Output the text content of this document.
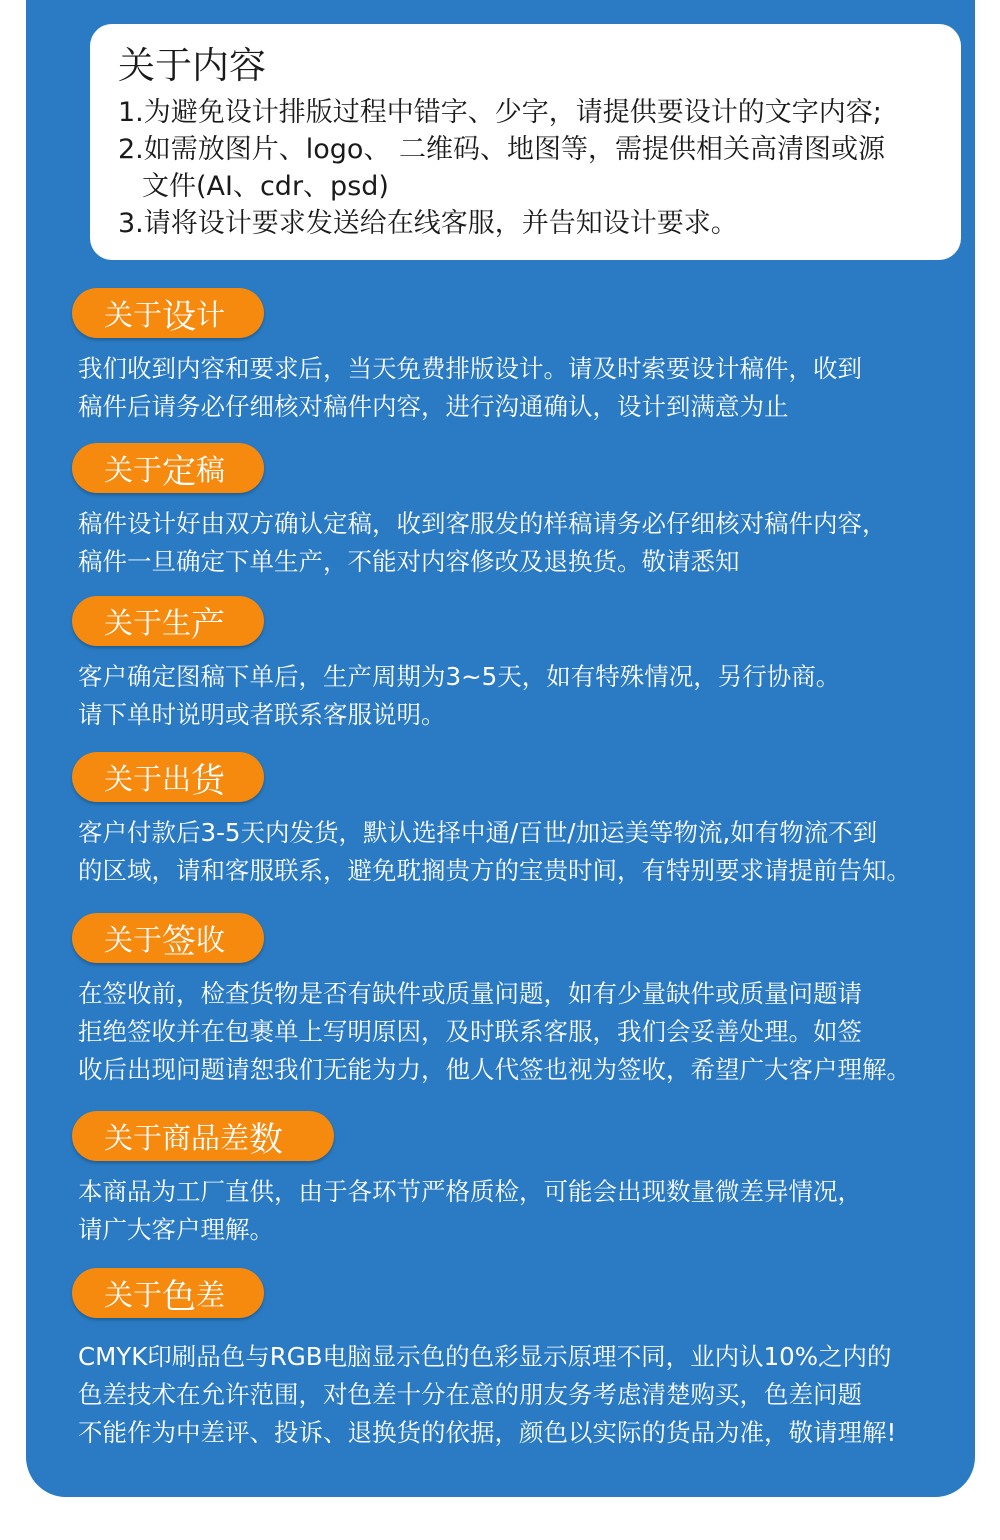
关于内容

1.为避免设计排版过程中错字、少字，请提供要设计的文字内容;

2.如需放图片、logo、 二维码、地图等，需提供相关高清图或源

文件(AI、cdr、psd)

3.请将设计要求发送给在线客服，并告知设计要求。

关于 设 计

我们收到内容和要求后，当天免费排版设计。请及时索要设计稿件，收到

稿件后请务必仔细核对稿件内容，进行沟通确认，设计到满意为止

关于 定 稿

稿件设计好由双方确认定稿，收到客服发的样稿请务必仔细核对稿件内容，

稿件一旦确定下单生产，不能对内容修改及退换货。敬请悉知

关于生 产

客户确定图稿下单后，生产周期为3~5天，如有特殊情况，另行协商。

请下单时说明或者联系客服说明。

关于出 货

客户付款后3-5天内发货，默认选择中通/百世/加运美等物流,如有物流不到

的区域，请和客服联系，避免耽搁贵方的宝贵时间，有特别要求请提前告知。

关于 签 收

在签收前，检查货物是否有缺件或质量问题，如有少量缺件或质量问题请

拒绝签收并在包裹单上写明原因，及时联系客服，我们会妥善处理。如签

收后出现问题请恕我们无能为力，他人代签也视为签收，希望广大客户理解。

关于商品差 数

本商品为工厂直供，由于各环节严格质检，可能会出现数量微差异情况，

请广大客户理解。

关于 色 差

CMYK印刷品色与RGB电脑显示色的色彩显示原理不同，业内认10%之内的

色差技术在允许范围，对色差十分在意的朋友务考虑清楚购买，色差问题

不能作为中差评、投诉、退换货的依据，颜色以实际的货品为准，敬请理解!
